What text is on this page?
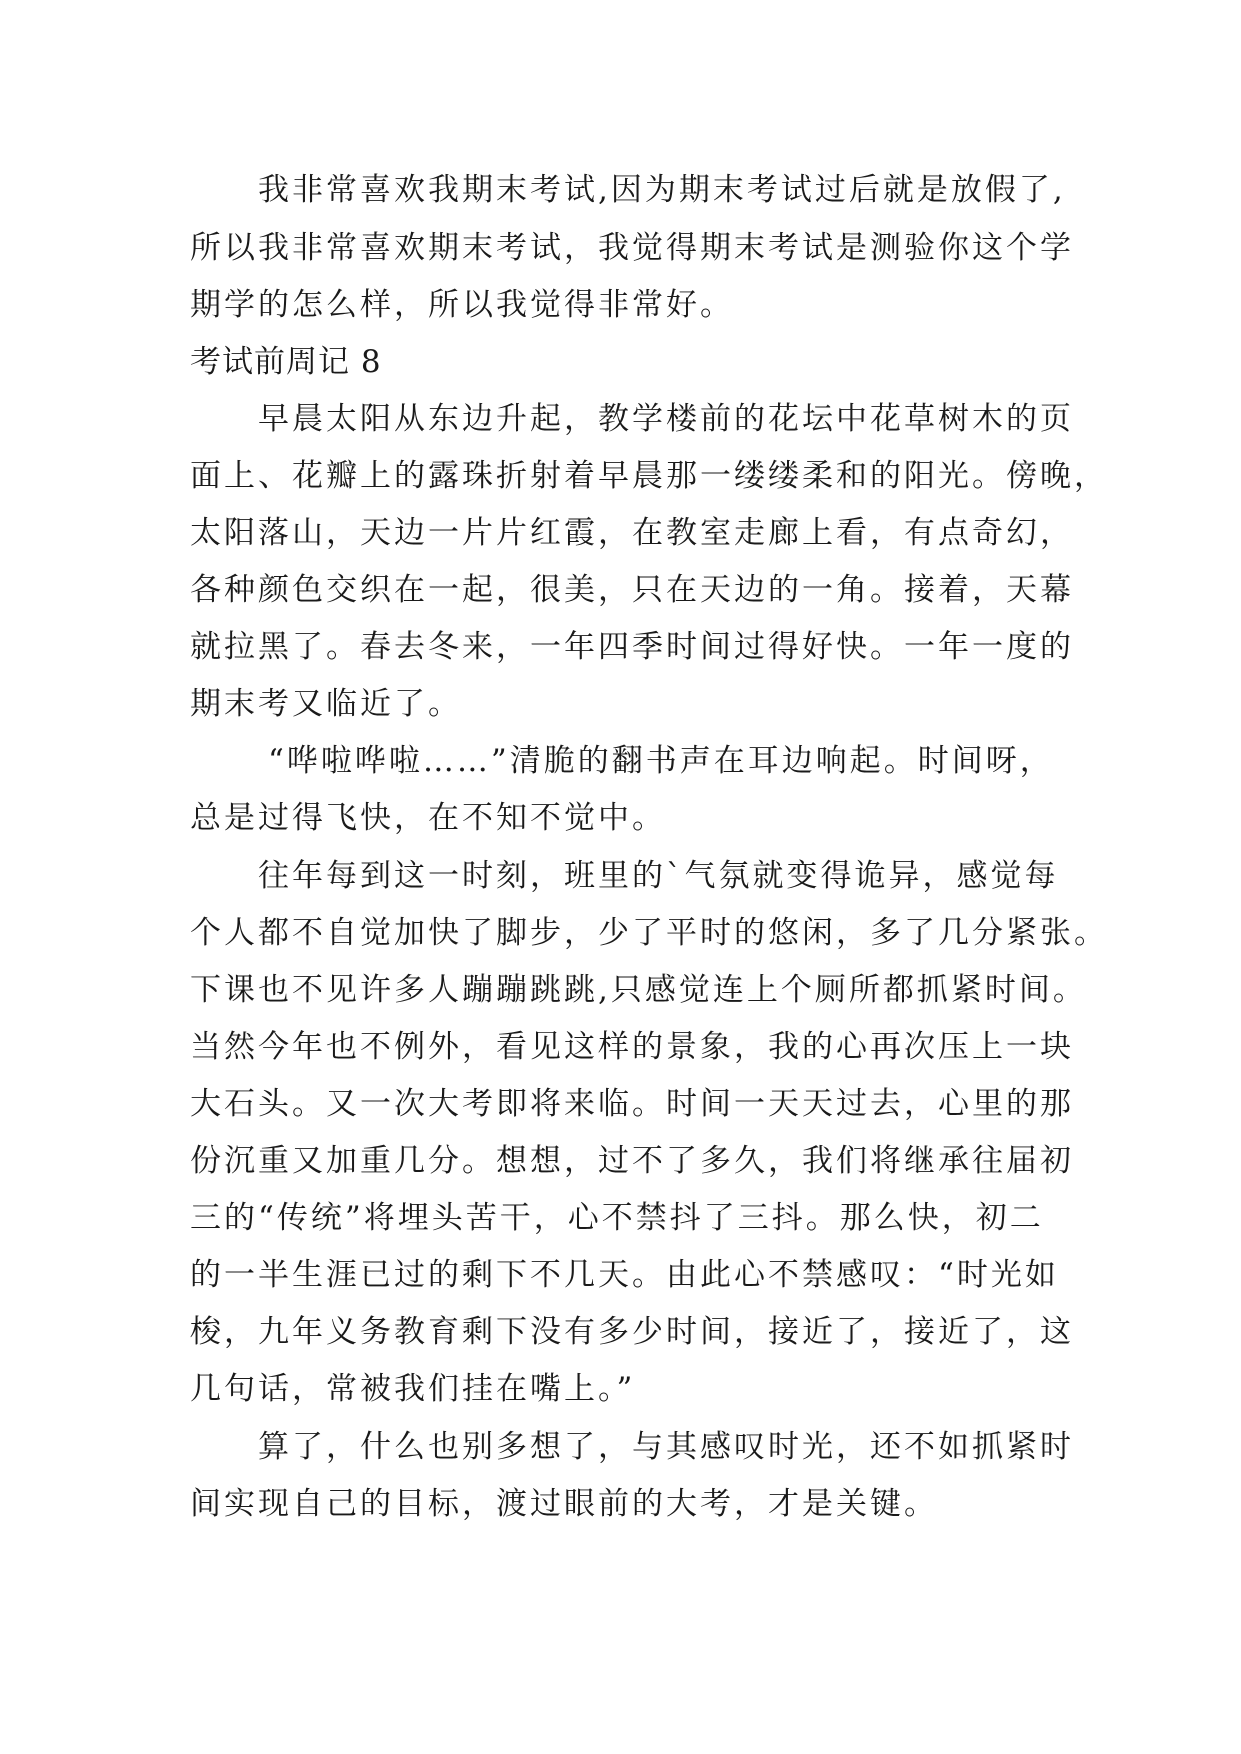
我非常喜欢我期末考试,因为期末考试过后就是放假了,
所以我非常喜欢期末考试，我觉得期末考试是测验你这个学
期学的怎么样，所以我觉得非常好。
考试前周记 8
早晨太阳从东边升起，教学楼前的花坛中花草树木的页
面上、花瓣上的露珠折射着早晨那一缕缕柔和的阳光。傍晚，
太阳落山，天边一片片红霞，在教室走廊上看，有点奇幻，
各种颜色交织在一起，很美，只在天边的一角。接着，天幕
就拉黑了。春去冬来，一年四季时间过得好快。一年一度的
期末考又临近了。
“哗啦哗啦……”清脆的翻书声在耳边响起。时间呀，
总是过得飞快，在不知不觉中。
往年每到这一时刻，班里的`气氛就变得诡异，感觉每
个人都不自觉加快了脚步，少了平时的悠闲，多了几分紧张。
下课也不见许多人蹦蹦跳跳,只感觉连上个厕所都抓紧时间。
当然今年也不例外，看见这样的景象，我的心再次压上一块
大石头。又一次大考即将来临。时间一天天过去，心里的那
份沉重又加重几分。想想，过不了多久，我们将继承往届初
三的“传统”将埋头苦干，心不禁抖了三抖。那么快，初二
的一半生涯已过的剩下不几天。由此心不禁感叹：“时光如
梭，九年义务教育剩下没有多少时间，接近了，接近了，这
几句话，常被我们挂在嘴上。”
算了，什么也别多想了，与其感叹时光，还不如抓紧时
间实现自己的目标，渡过眼前的大考，才是关键。
